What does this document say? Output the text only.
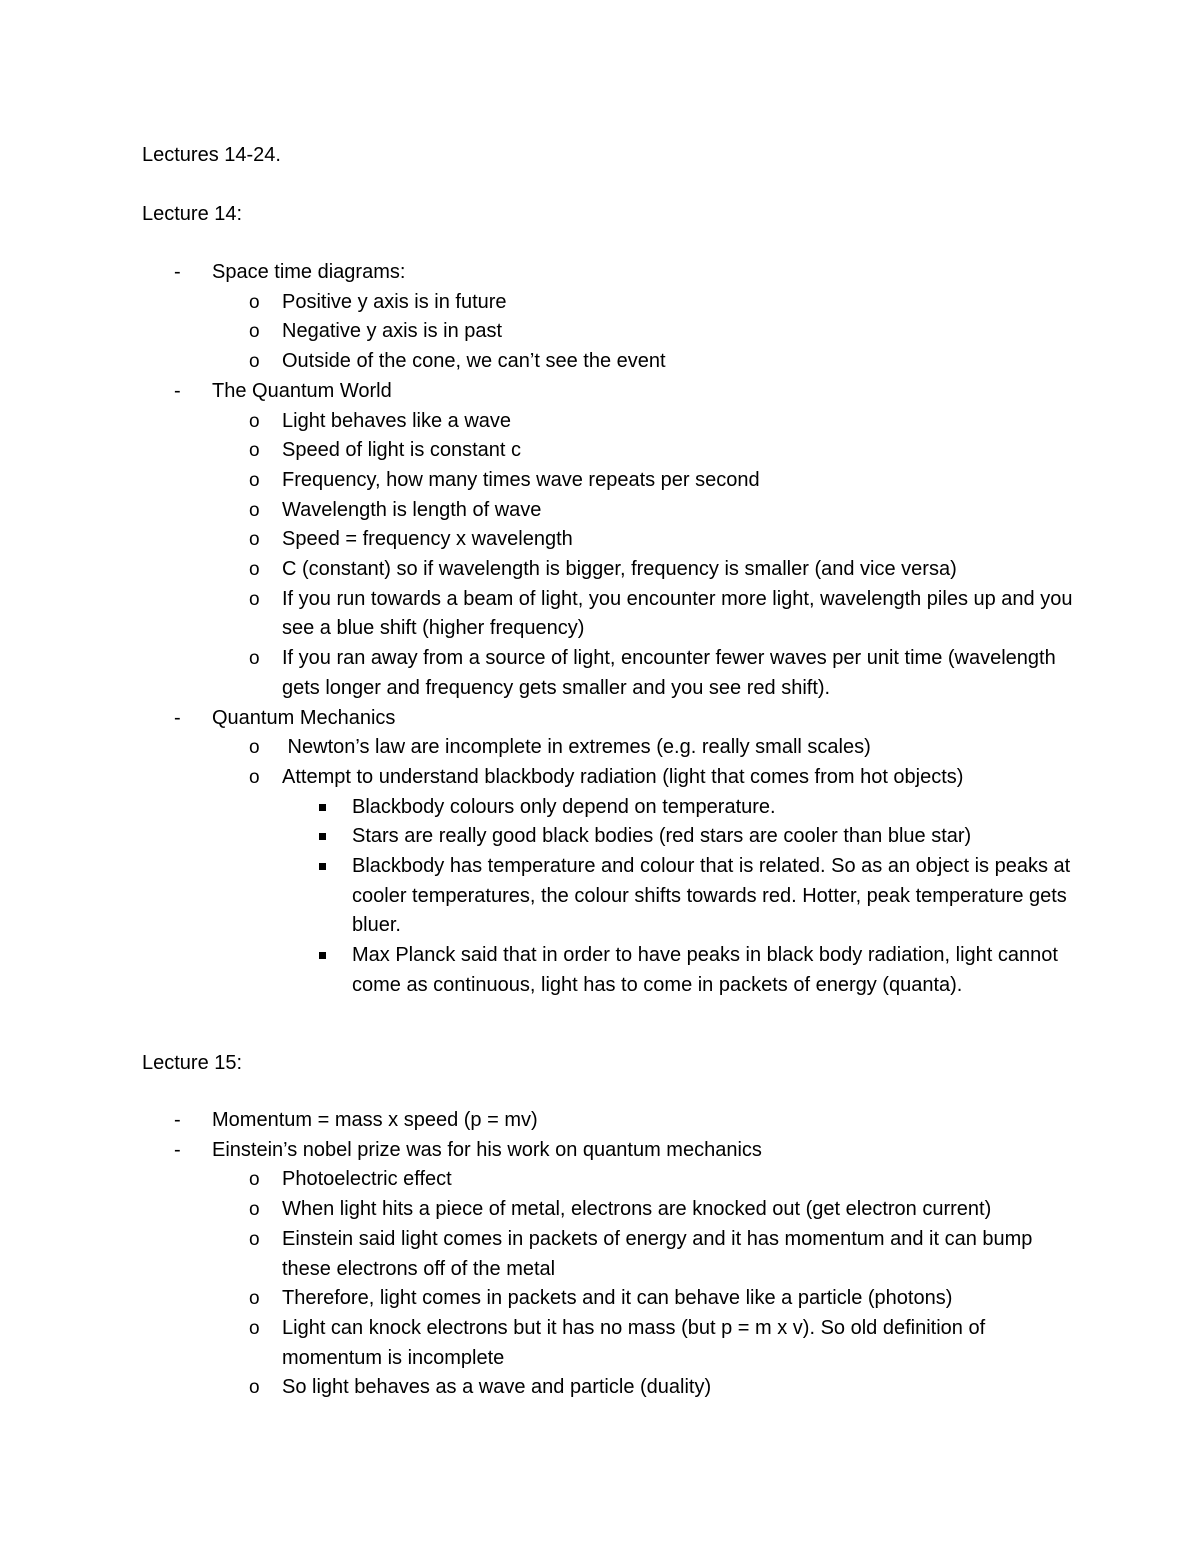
Lectures 14-24.
Lecture 14:
- Space time diagrams:
o Positive y axis is in future
o Negative y axis is in past
o Outside of the cone, we can’t see the event
- The Quantum World
o Light behaves like a wave
o Speed of light is constant c
o Frequency, how many times wave repeats per second
o Wavelength is length of wave
o Speed = frequency x wavelength
o C (constant) so if wavelength is bigger, frequency is smaller (and vice versa)
o If you run towards a beam of light, you encounter more light, wavelength piles up and you see a blue shift (higher frequency)
o If you ran away from a source of light, encounter fewer waves per unit time (wavelength gets longer and frequency gets smaller and you see red shift).
- Quantum Mechanics
o Newton’s law are incomplete in extremes (e.g. really small scales)
o Attempt to understand blackbody radiation (light that comes from hot objects)
Blackbody colours only depend on temperature.
Stars are really good black bodies (red stars are cooler than blue star)
Blackbody has temperature and colour that is related. So as an object is peaks at cooler temperatures, the colour shifts towards red. Hotter, peak temperature gets bluer.
Max Planck said that in order to have peaks in black body radiation, light cannot come as continuous, light has to come in packets of energy (quanta).
Lecture 15:
- Momentum = mass x speed (p = mv)
- Einstein’s nobel prize was for his work on quantum mechanics
o Photoelectric effect
o When light hits a piece of metal, electrons are knocked out (get electron current)
o Einstein said light comes in packets of energy and it has momentum and it can bump these electrons off of the metal
o Therefore, light comes in packets and it can behave like a particle (photons)
o Light can knock electrons but it has no mass (but p = m x v). So old definition of momentum is incomplete
o So light behaves as a wave and particle (duality)
